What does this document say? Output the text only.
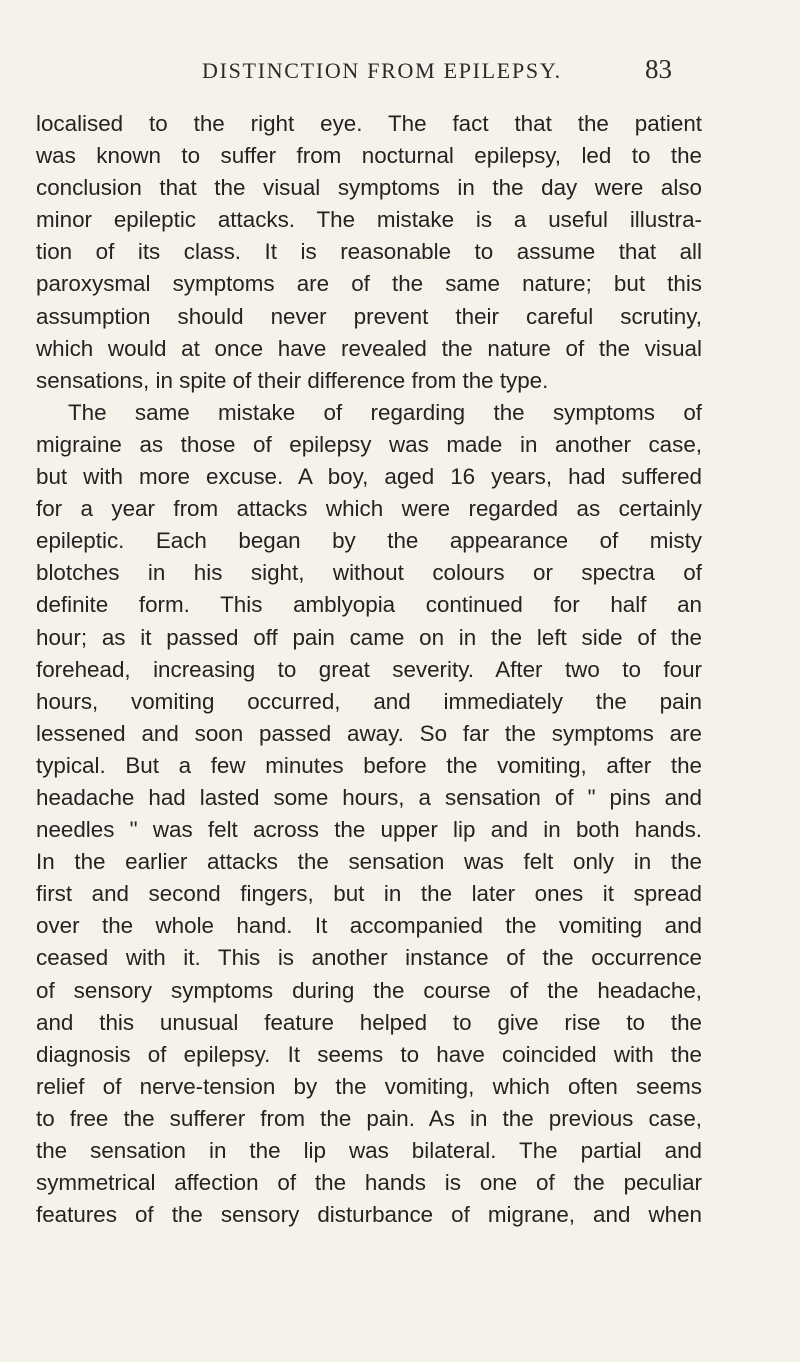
DISTINCTION FROM EPILEPSY.	83
localised to the right eye. The fact that the patient
was known to suffer from nocturnal epilepsy, led to the
conclusion that the visual symptoms in the day were also
minor epileptic attacks. The mistake is a useful illustra-
tion of its class. It is reasonable to assume that all
paroxysmal symptoms are of the same nature; but this
assumption should never prevent their careful scrutiny,
which would at once have revealed the nature of the visual
sensations, in spite of their difference from the type.
The same mistake of regarding the symptoms of
migraine as those of epilepsy was made in another case,
but with more excuse. A boy, aged 16 years, had suffered
for a year from attacks which were regarded as certainly
epileptic. Each began by the appearance of misty
blotches in his sight, without colours or spectra of
definite form. This amblyopia continued for half an
hour; as it passed off pain came on in the left side of the
forehead, increasing to great severity. After two to four
hours, vomiting occurred, and immediately the pain
lessened and soon passed away. So far the symptoms are
typical. But a few minutes before the vomiting, after the
headache had lasted some hours, a sensation of " pins and
needles " was felt across the upper lip and in both hands.
In the earlier attacks the sensation was felt only in the
first and second fingers, but in the later ones it spread
over the whole hand. It accompanied the vomiting and
ceased with it. This is another instance of the occurrence
of sensory symptoms during the course of the headache,
and this unusual feature helped to give rise to the
diagnosis of epilepsy. It seems to have coincided with the
relief of nerve-tension by the vomiting, which often seems
to free the sufferer from the pain. As in the previous case,
the sensation in the lip was bilateral. The partial and
symmetrical affection of the hands is one of the peculiar
features of the sensory disturbance of migrane, and when
